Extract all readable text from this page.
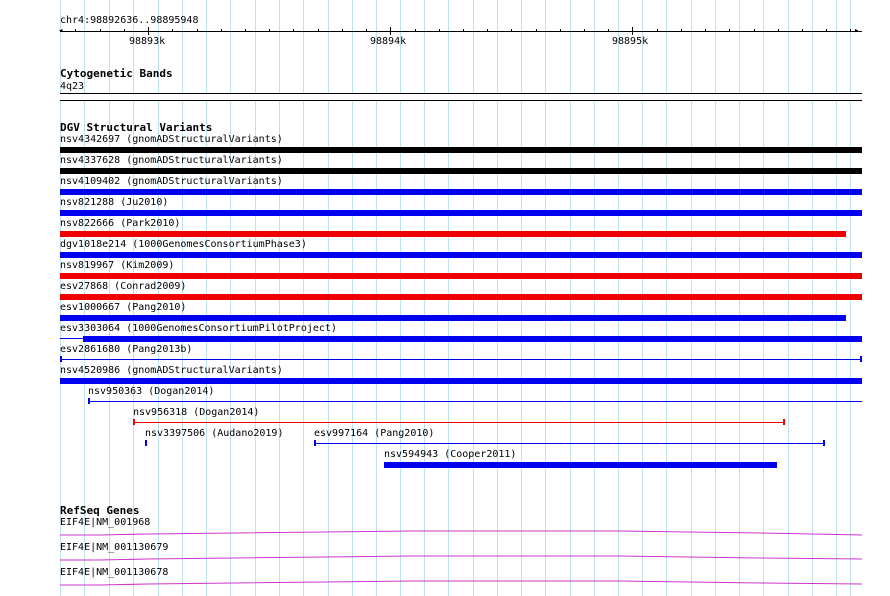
chr4:98892636..98895948
◂	▸
98893k	98894k	98895k
Cytogenetic Bands
4q23
DGV Structural Variants
nsv4342697 (gnomADStructuralVariants)
nsv4337628 (gnomADStructuralVariants)
nsv4109402 (gnomADStructuralVariants)
nsv821288 (Ju2010)
nsv822666 (Park2010)
dgv1018e214 (1000GenomesConsortiumPhase3)
nsv819967 (Kim2009)
esv27868 (Conrad2009)
esv1000667 (Pang2010)
esv3303064 (1000GenomesConsortiumPilotProject)
esv2861680 (Pang2013b)
nsv4520986 (gnomADStructuralVariants)
nsv950363 (Dogan2014)
nsv956318 (Dogan2014)
nsv3397506 (Audano2019)	esv997164 (Pang2010)
nsv594943 (Cooper2011)
RefSeq Genes
EIF4E|NM_001968
EIF4E|NM_001130679
EIF4E|NM_001130678
